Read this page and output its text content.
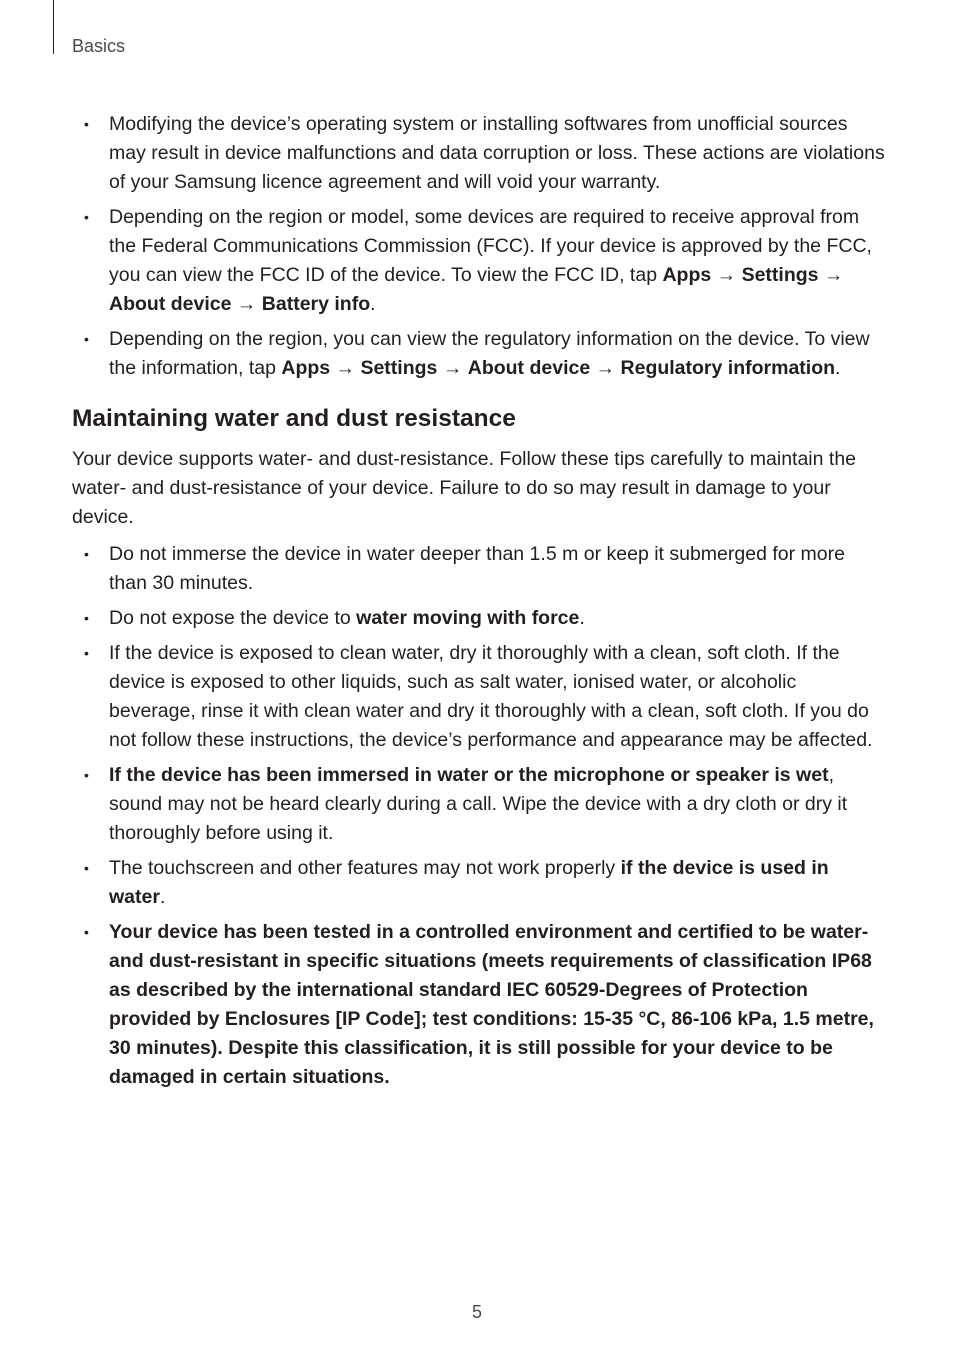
Basics
• Modifying the device’s operating system or installing softwares from unofficial sources may result in device malfunctions and data corruption or loss. These actions are violations of your Samsung licence agreement and will void your warranty.
• Depending on the region or model, some devices are required to receive approval from the Federal Communications Commission (FCC). If your device is approved by the FCC, you can view the FCC ID of the device. To view the FCC ID, tap Apps → Settings → About device → Battery info.
• Depending on the region, you can view the regulatory information on the device. To view the information, tap Apps → Settings → About device → Regulatory information.
Maintaining water and dust resistance

Your device supports water- and dust-resistance. Follow these tips carefully to maintain the water- and dust-resistance of your device. Failure to do so may result in damage to your device.

• Do not immerse the device in water deeper than 1.5 m or keep it submerged for more than 30 minutes.
• Do not expose the device to water moving with force.
• If the device is exposed to clean water, dry it thoroughly with a clean, soft cloth. If the device is exposed to other liquids, such as salt water, ionised water, or alcoholic beverage, rinse it with clean water and dry it thoroughly with a clean, soft cloth. If you do not follow these instructions, the device’s performance and appearance may be affected.
• If the device has been immersed in water or the microphone or speaker is wet, sound may not be heard clearly during a call. Wipe the device with a dry cloth or dry it thoroughly before using it.
• The touchscreen and other features may not work properly if the device is used in water.
• Your device has been tested in a controlled environment and certified to be water- and dust-resistant in specific situations (meets requirements of classification IP68 as described by the international standard IEC 60529-Degrees of Protection provided by Enclosures [IP Code]; test conditions: 15-35 °C, 86-106 kPa, 1.5 metre, 30 minutes). Despite this classification, it is still possible for your device to be damaged in certain situations.
5
